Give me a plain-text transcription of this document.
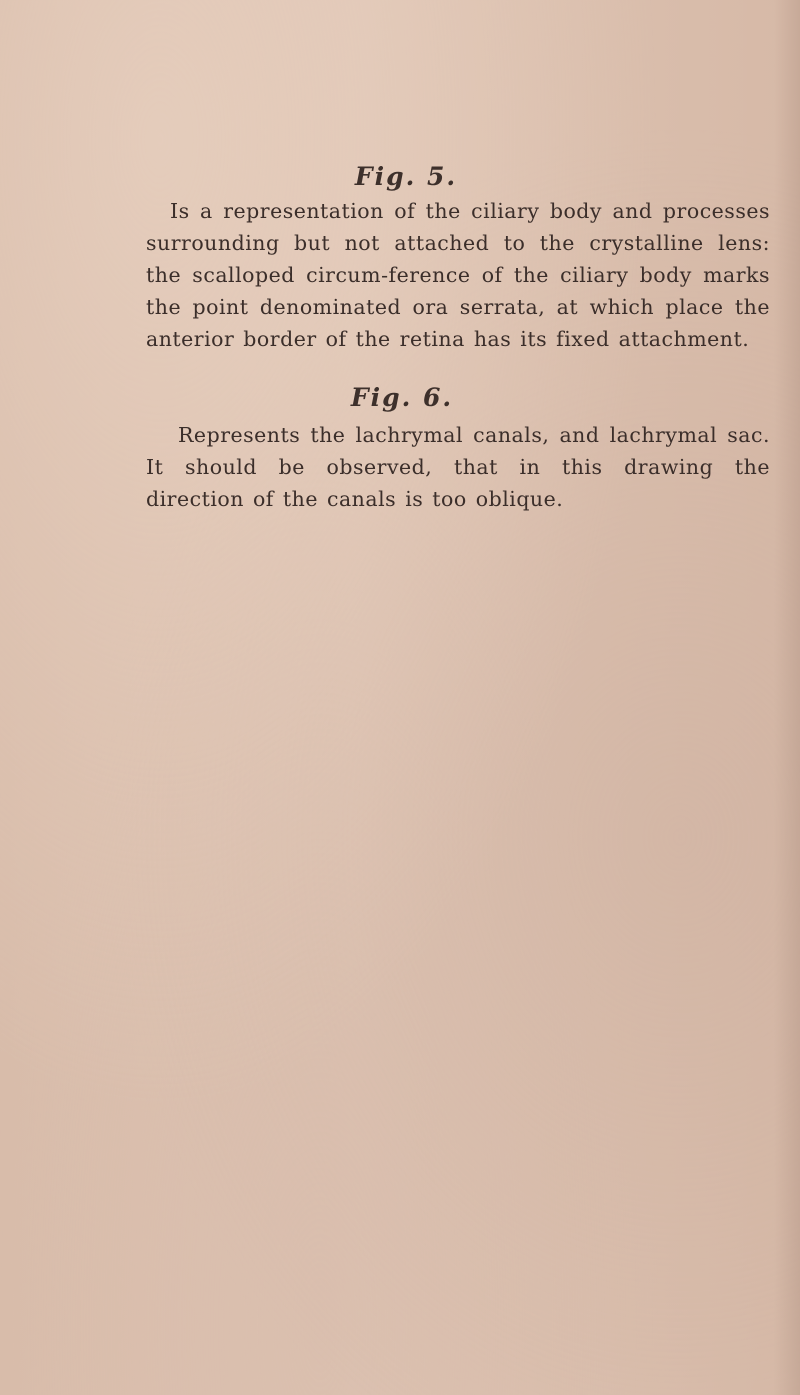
Fig. 5.

Is a representation of the ciliary body and processes surrounding but not attached to the crystalline lens: the scalloped circum-ference of the ciliary body marks the point denominated ora serrata, at which place the anterior border of the retina has its fixed attachment.

Fig. 6.

Represents the lachrymal canals, and lachrymal sac. It should be observed, that in this drawing the direction of the canals is too oblique.
